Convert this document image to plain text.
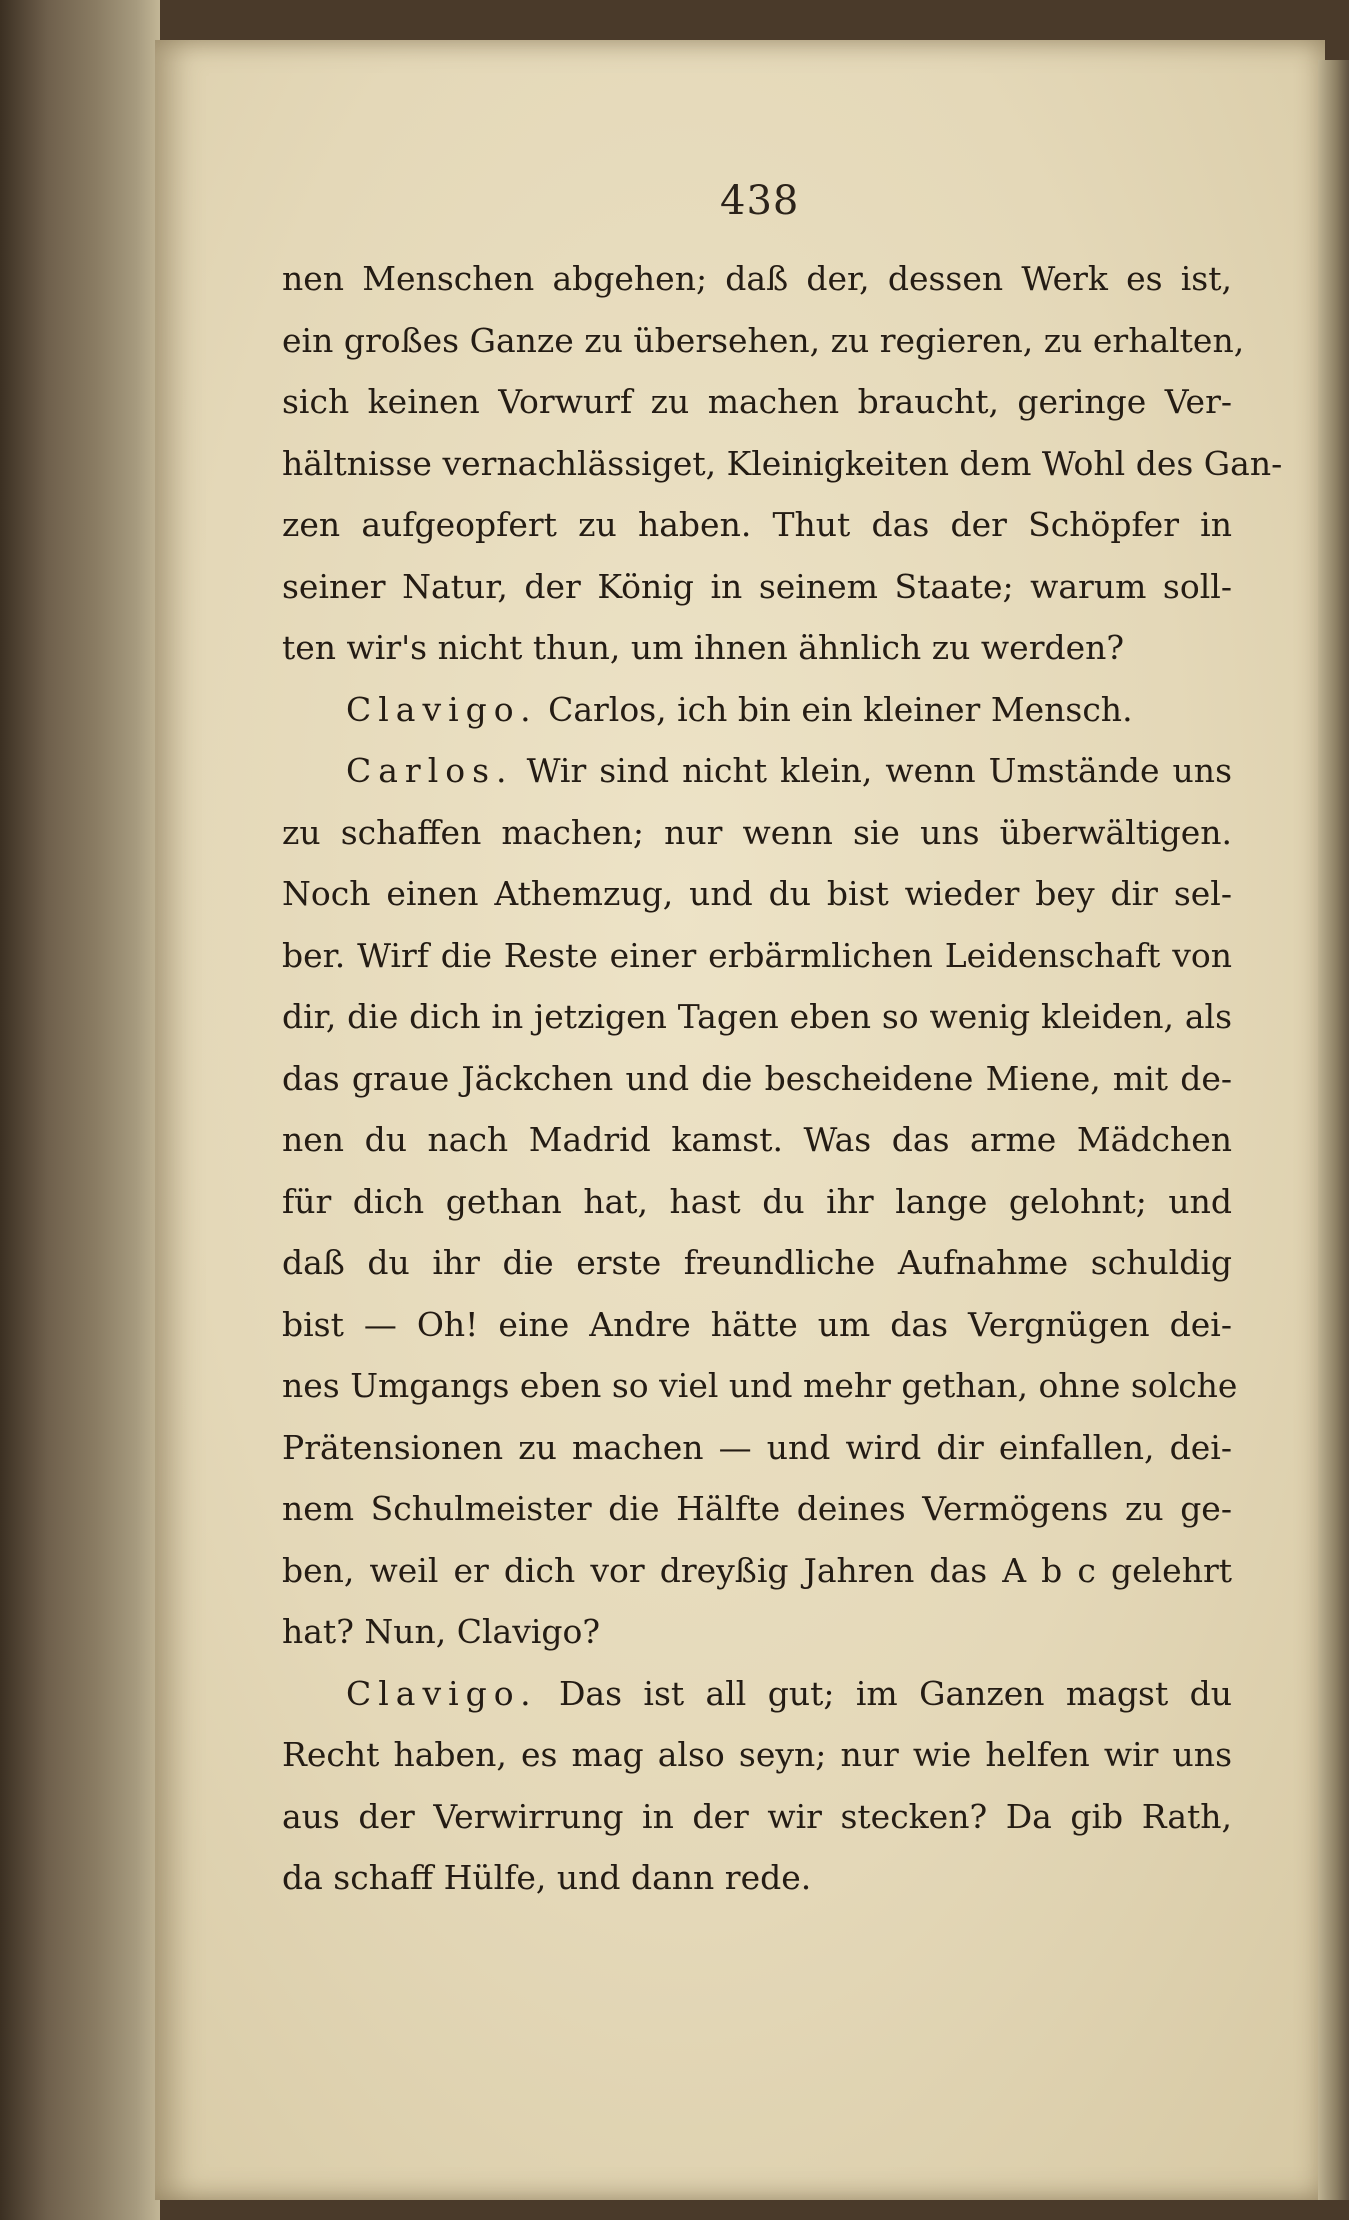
438
nen Menschen abgehen; daß der, dessen Werk es ist,
ein großes Ganze zu übersehen, zu regieren, zu erhalten,
sich keinen Vorwurf zu machen braucht, geringe Ver-
hältnisse vernachlässiget, Kleinigkeiten dem Wohl des Gan-
zen aufgeopfert zu haben. Thut das der Schöpfer in
seiner Natur, der König in seinem Staate; warum soll-
ten wir's nicht thun, um ihnen ähnlich zu werden?
Clavigo. Carlos, ich bin ein kleiner Mensch.
Carlos. Wir sind nicht klein, wenn Umstände uns
zu schaffen machen; nur wenn sie uns überwältigen.
Noch einen Athemzug, und du bist wieder bey dir sel-
ber. Wirf die Reste einer erbärmlichen Leidenschaft von
dir, die dich in jetzigen Tagen eben so wenig kleiden, als
das graue Jäckchen und die bescheidene Miene, mit de-
nen du nach Madrid kamst. Was das arme Mädchen
für dich gethan hat, hast du ihr lange gelohnt; und
daß du ihr die erste freundliche Aufnahme schuldig
bist — Oh! eine Andre hätte um das Vergnügen dei-
nes Umgangs eben so viel und mehr gethan, ohne solche
Prätensionen zu machen — und wird dir einfallen, dei-
nem Schulmeister die Hälfte deines Vermögens zu ge-
ben, weil er dich vor dreyßig Jahren das A b c gelehrt
hat? Nun, Clavigo?
Clavigo. Das ist all gut; im Ganzen magst du
Recht haben, es mag also seyn; nur wie helfen wir uns
aus der Verwirrung in der wir stecken? Da gib Rath,
da schaff Hülfe, und dann rede.
